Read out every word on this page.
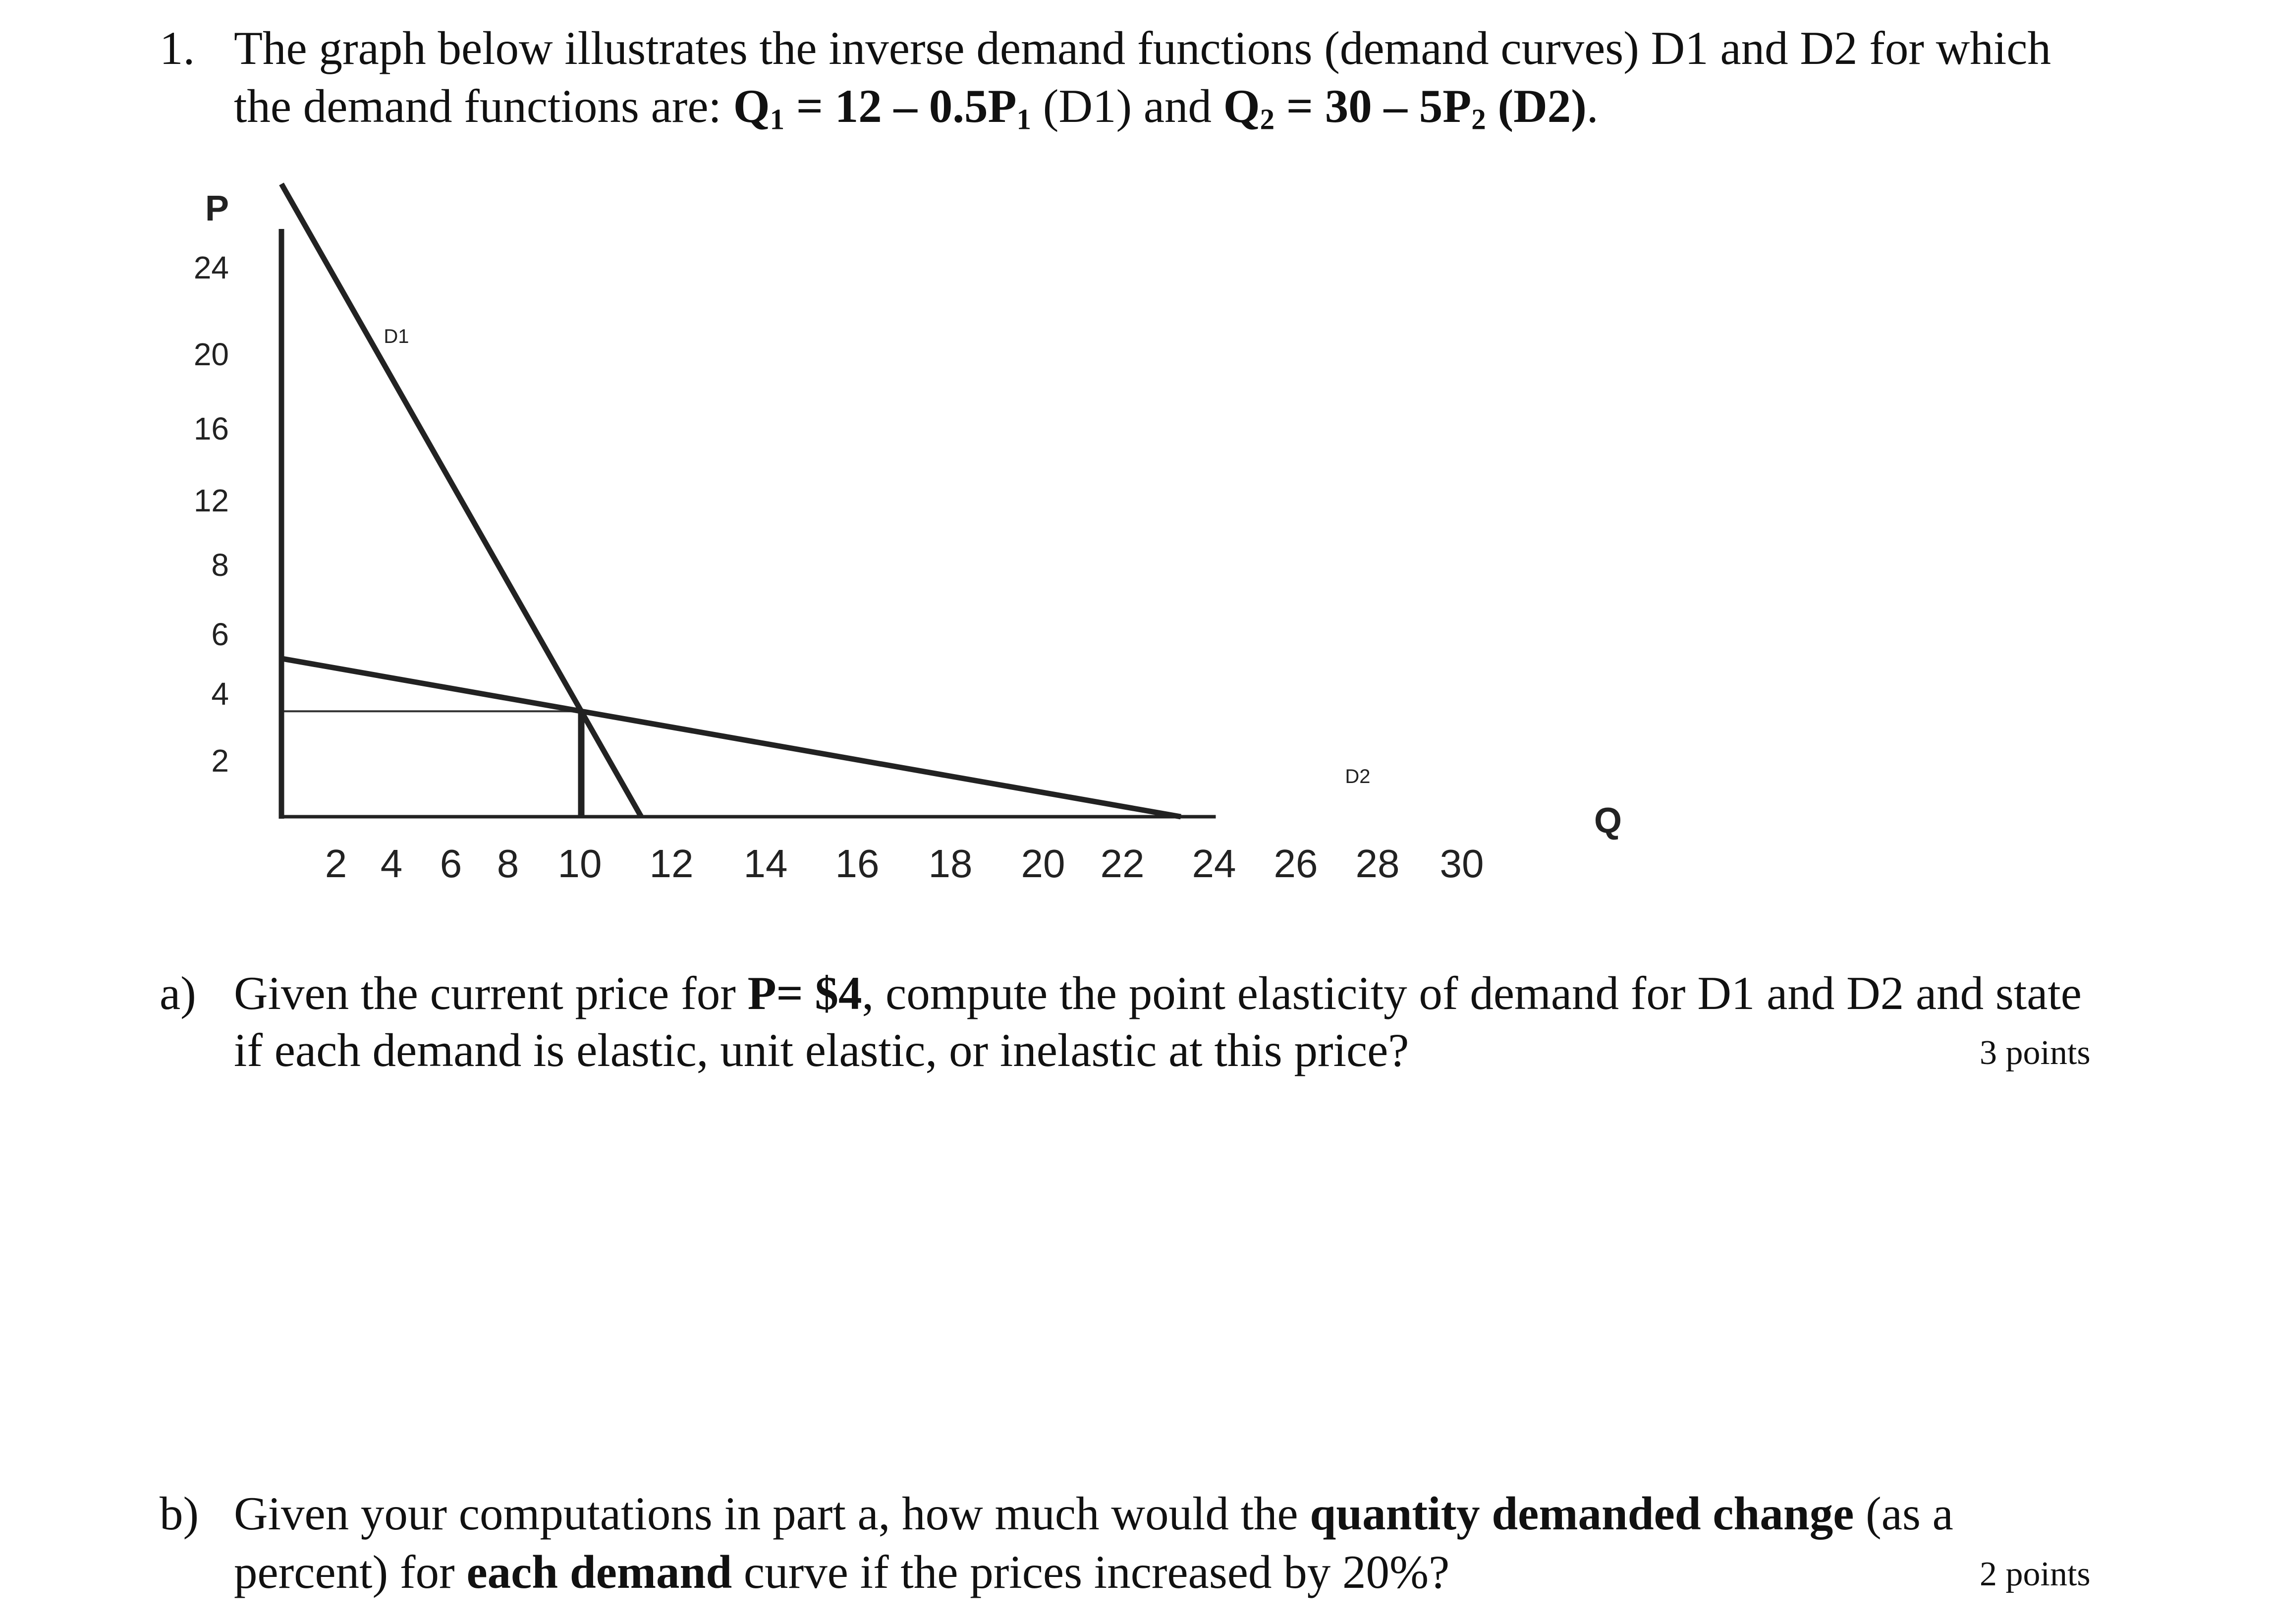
1. The graph below illustrates the inverse demand functions (demand curves) D1 and D2 for which
the demand functions are: $Q_1 = 12 - 0.5P_1$ (D1) and $Q_2 = 30 - 5P_2$ (D2).
24
20
16
12
8
6
4
2
2 4 6 8 10 12 14 16 18 20 22 24 26 28 30
P
Q
D1
D2
a) Given the current price for P= $4, compute the point elasticity of demand for D1 and D2 and state
if each demand is elastic, unit elastic, or inelastic at this price?	3 points
b) Given your computations in part a, how much would the quantity demanded change (as a
percent) for each demand curve if the prices increased by 20%?	2 points
